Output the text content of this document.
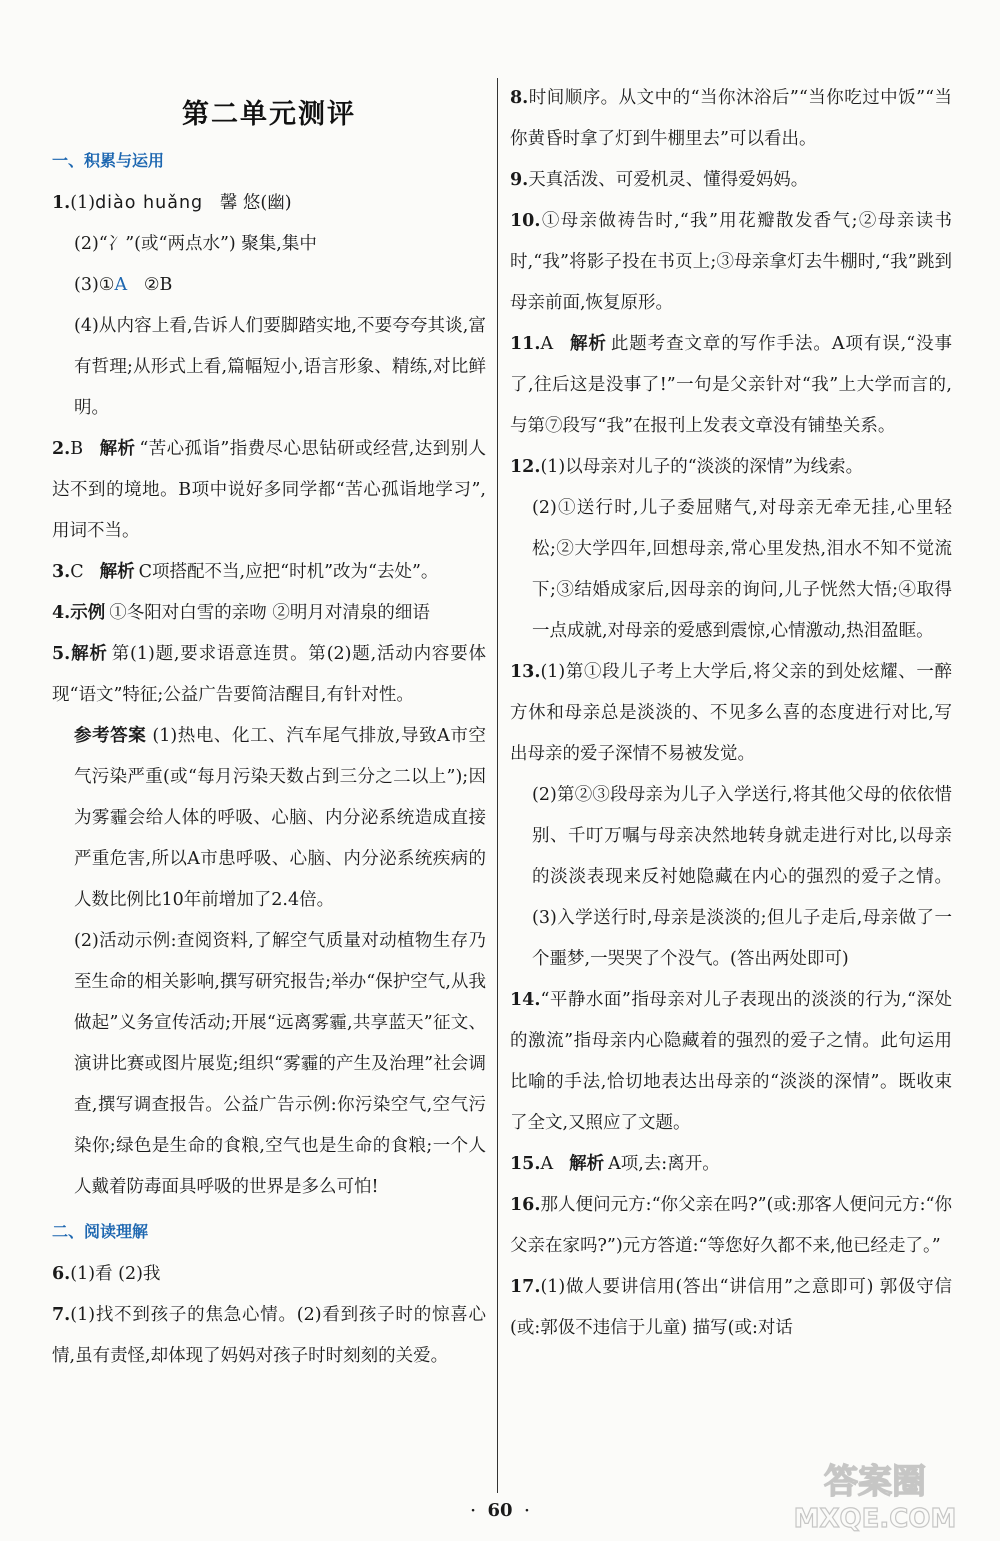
第二单元测评
一、积累与运用

1.(1)diào huǎng 馨 悠(幽)

(2)“冫”(或“两点水”) 聚集,集中

(3)①A ②B

(4)从内容上看,告诉人们要脚踏实地,不要夸夸其谈,富有哲理;从形式上看,篇幅短小,语言形象、精练,对比鲜明。

2.B 解析 “苦心孤诣”指费尽心思钻研或经营,达到别人达不到的境地。B项中说好多同学都“苦心孤诣地学习”,用词不当。

3.C 解析 C项搭配不当,应把“时机”改为“去处”。

4.示例 ①冬阳对白雪的亲吻 ②明月对清泉的细语

5.解析 第(1)题,要求语意连贯。第(2)题,活动内容要体现“语文”特征;公益广告要简洁醒目,有针对性。

参考答案 (1)热电、化工、汽车尾气排放,导致A市空气污染严重(或“每月污染天数占到三分之二以上”);因为雾霾会给人体的呼吸、心脑、内分泌系统造成直接严重危害,所以A市患呼吸、心脑、内分泌系统疾病的人数比例比10年前增加了2.4倍。

(2)活动示例:查阅资料,了解空气质量对动植物生存乃至生命的相关影响,撰写研究报告;举办“保护空气,从我做起”义务宣传活动;开展“远离雾霾,共享蓝天”征文、演讲比赛或图片展览;组织“雾霾的产生及治理”社会调查,撰写调查报告。公益广告示例:你污染空气,空气污染你;绿色是生命的食粮,空气也是生命的食粮;一个人人戴着防毒面具呼吸的世界是多么可怕!

二、阅读理解

6.(1)看 (2)我

7.(1)找不到孩子的焦急心情。(2)看到孩子时的惊喜心情,虽有责怪,却体现了妈妈对孩子时时刻刻的关爱。

8.时间顺序。从文中的“当你沐浴后”“当你吃过中饭”“当你黄昏时拿了灯到牛棚里去”可以看出。

9.天真活泼、可爱机灵、懂得爱妈妈。

10.①母亲做祷告时,“我”用花瓣散发香气;②母亲读书时,“我”将影子投在书页上;③母亲拿灯去牛棚时,“我”跳到母亲前面,恢复原形。

11.A 解析 此题考查文章的写作手法。A项有误,“没事了,往后这是没事了!”一句是父亲针对“我”上大学而言的,与第⑦段写“我”在报刊上发表文章没有铺垫关系。

12.(1)以母亲对儿子的“淡淡的深情”为线索。

(2)①送行时,儿子委屈赌气,对母亲无牵无挂,心里轻松;②大学四年,回想母亲,常心里发热,泪水不知不觉流下;③结婚成家后,因母亲的询问,儿子恍然大悟;④取得一点成就,对母亲的爱感到震惊,心情激动,热泪盈眶。

13.(1)第①段儿子考上大学后,将父亲的到处炫耀、一醉方休和母亲总是淡淡的、不见多么喜的态度进行对比,写出母亲的爱子深情不易被发觉。

(2)第②③段母亲为儿子入学送行,将其他父母的依依惜别、千叮万嘱与母亲决然地转身就走进行对比,以母亲的淡淡表现来反衬她隐藏在内心的强烈的爱子之情。(3)入学送行时,母亲是淡淡的;但儿子走后,母亲做了一个噩梦,一哭哭了个没气。(答出两处即可)

14.“平静水面”指母亲对儿子表现出的淡淡的行为,“深处的激流”指母亲内心隐藏着的强烈的爱子之情。此句运用比喻的手法,恰切地表达出母亲的“淡淡的深情”。既收束了全文,又照应了文题。

15.A 解析 A项,去:离开。

16.那人便问元方:“你父亲在吗?”(或:那客人便问元方:“你父亲在家吗?”)元方答道:“等您好久都不来,他已经走了。”

17.(1)做人要讲信用(答出“讲信用”之意即可) 郭伋守信(或:郭伋不违信于儿童) 描写(或:对话

· 60 ·
答案圈
MXQE.COM
